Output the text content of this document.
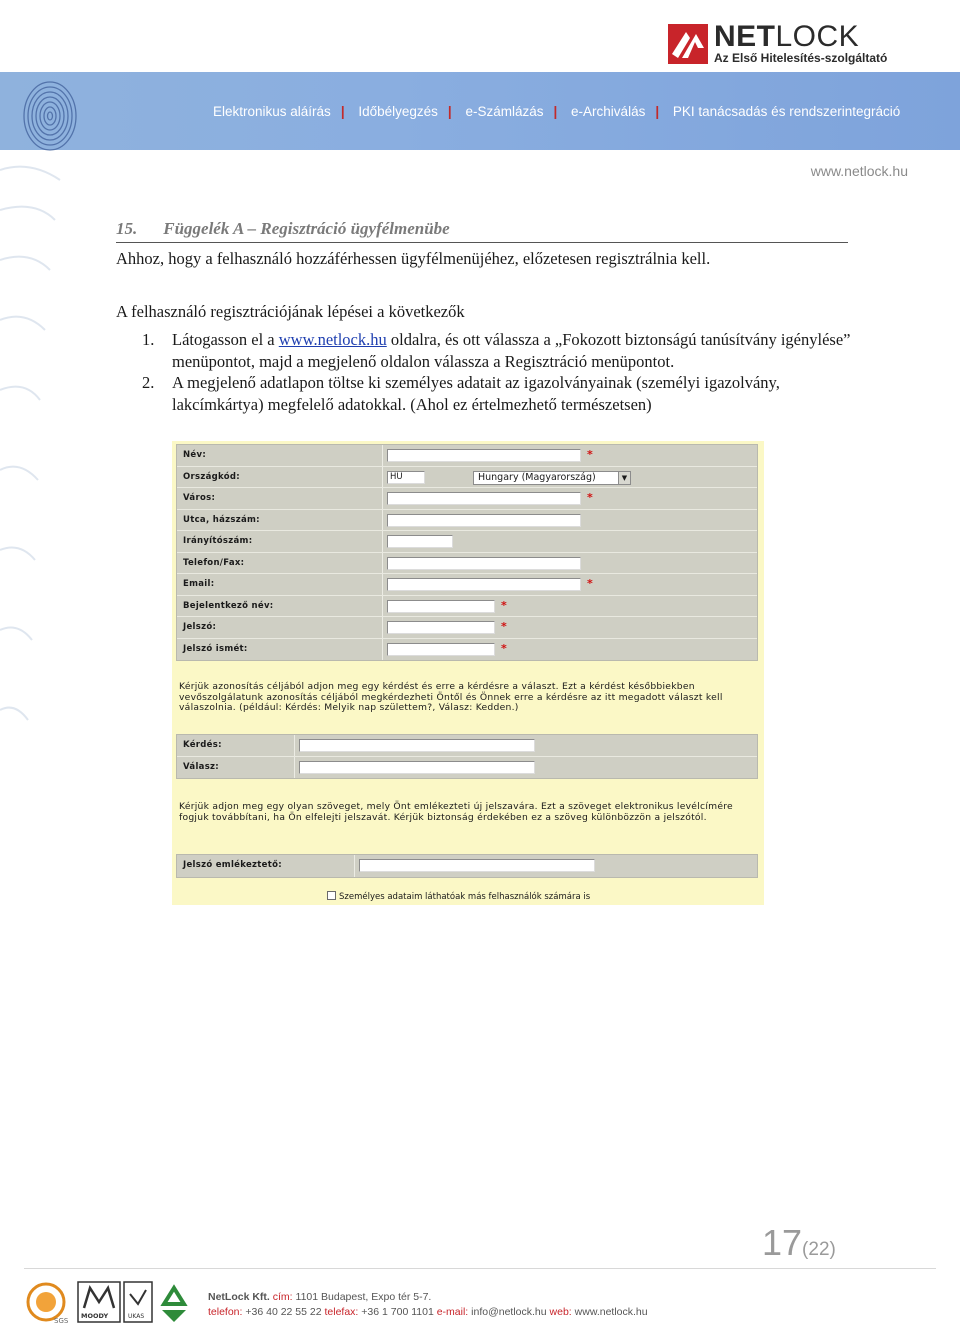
NETLOCK
Az Első Hitelesítés-szolgáltató
Elektronikus aláírás | Időbélyegzés | e-Számlázás | e-Archiválás | PKI tanácsadás és rendszerintegráció
www.netlock.hu
15. Függelék A – Regisztráció ügyfélmenübe
Ahhoz, hogy a felhasználó hozzáférhessen ügyfélmenüjéhez, előzetesen regisztrálnia kell.
A felhasználó regisztrációjának lépései a következők
1. Látogasson el a www.netlock.hu oldalra, és ott válassza a „Fokozott biztonságú tanúsítvány igénylése” menüpontot, majd a megjelenő oldalon válassza a Regisztráció menüpontot.
2. A megjelenő adatlapon töltse ki személyes adatait az igazolványainak (személyi igazolvány, lakcímkártya) megfelelő adatokkal. (Ahol ez értelmezhető természetsen)
Név:	*
Országkód:	HU	Hungary (Magyarország)	▼
Város:	*
Utca, házszám:
Irányítószám:
Telefon/Fax:
Email:	*
Bejelentkező név:	*
Jelszó:	*
Jelszó ismét:	*
Kérjük azonosítás céljából adjon meg egy kérdést és erre a kérdésre a választ. Ezt a kérdést későbbiekben vevőszolgálatunk azonosítás céljából megkérdezheti Öntől és Önnek erre a kérdésre az itt megadott választ kell válaszolnia. (például: Kérdés: Melyik nap születtem?, Válasz: Kedden.)
Kérdés:
Válasz:
Kérjük adjon meg egy olyan szöveget, mely Önt emlékezteti új jelszavára. Ezt a szöveget elektronikus levélcímére fogjuk továbbítani, ha Ön elfelejti jelszavát. Kérjük biztonság érdekében ez a szöveg különbözzön a jelszótól.
Jelszó emlékeztető:
Személyes adataim láthatóak más felhasználók számára is
17(22)
SGS
MOODY	UKAS
NetLock Kft. cím: 1101 Budapest, Expo tér 5-7.
telefon: +36 40 22 55 22 telefax: +36 1 700 1101 e-mail: info@netlock.hu web: www.netlock.hu
